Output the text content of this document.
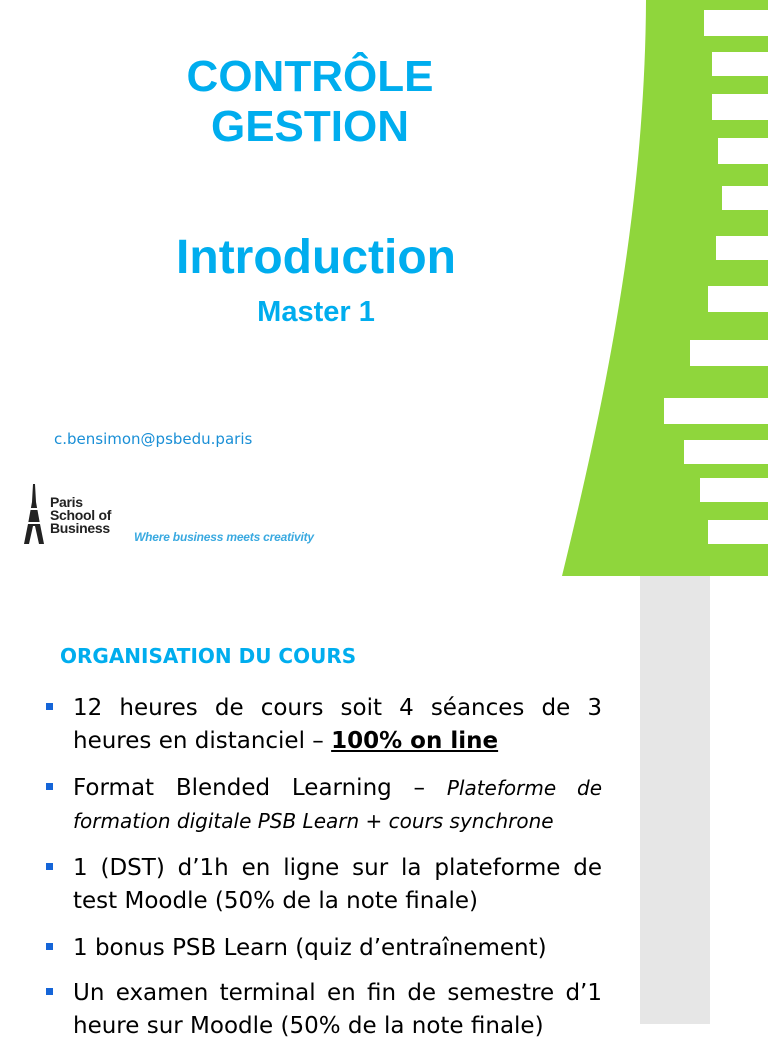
CONTRÔLE
GESTION
Introduction
Master 1
c.bensimon@psbedu.paris
Paris
School of
Business
Where business meets creativity
ORGANISATION DU COURS
12 heures de cours soit 4 séances de 3 heures en distanciel – 100% on line
Format Blended Learning – Plateforme de formation digitale PSB Learn + cours synchrone
1 (DST) d’1h en ligne sur la plateforme de test Moodle (50% de la note finale)
1 bonus PSB Learn (quiz d’entraînement)
Un examen terminal en fin de semestre d’1 heure sur Moodle (50% de la note finale)
